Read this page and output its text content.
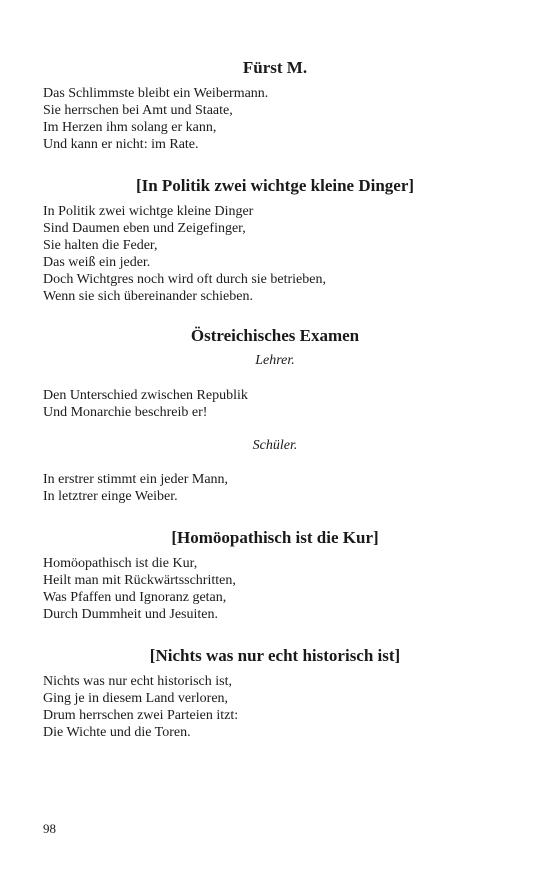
Fürst M.
Das Schlimmste bleibt ein Weibermann.
Sie herrschen bei Amt und Staate,
Im Herzen ihm solang er kann,
Und kann er nicht: im Rate.
[In Politik zwei wichtge kleine Dinger]
In Politik zwei wichtge kleine Dinger
Sind Daumen eben und Zeigefinger,
Sie halten die Feder,
Das weiß ein jeder.
Doch Wichtgres noch wird oft durch sie betrieben,
Wenn sie sich übereinander schieben.
Östreichisches Examen
Lehrer.
Den Unterschied zwischen Republik
Und Monarchie beschreib er!
Schüler.
In erstrer stimmt ein jeder Mann,
In letztrer einge Weiber.
[Homöopathisch ist die Kur]
Homöopathisch ist die Kur,
Heilt man mit Rückwärtsschritten,
Was Pfaffen und Ignoranz getan,
Durch Dummheit und Jesuiten.
[Nichts was nur echt historisch ist]
Nichts was nur echt historisch ist,
Ging je in diesem Land verloren,
Drum herrschen zwei Parteien itzt:
Die Wichte und die Toren.
98
